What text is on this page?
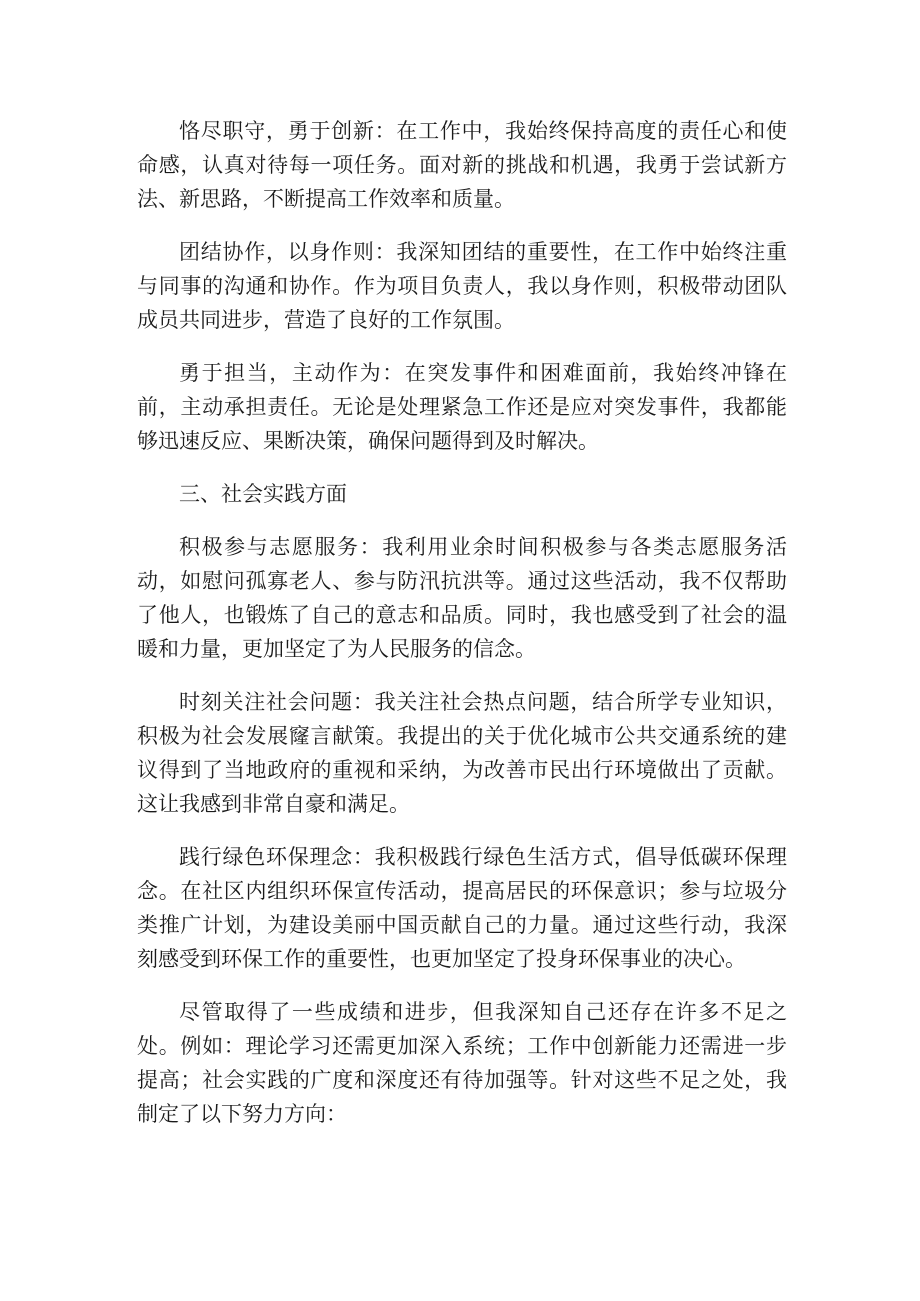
恪尽职守，勇于创新：在工作中，我始终保持高度的责任心和使命感，认真对待每一项任务。面对新的挑战和机遇，我勇于尝试新方法、新思路，不断提高工作效率和质量。

团结协作，以身作则：我深知团结的重要性，在工作中始终注重与同事的沟通和协作。作为项目负责人，我以身作则，积极带动团队成员共同进步，营造了良好的工作氛围。

勇于担当，主动作为：在突发事件和困难面前，我始终冲锋在前，主动承担责任。无论是处理紧急工作还是应对突发事件，我都能够迅速反应、果断决策，确保问题得到及时解决。

三、社会实践方面

积极参与志愿服务：我利用业余时间积极参与各类志愿服务活动，如慰问孤寡老人、参与防汛抗洪等。通过这些活动，我不仅帮助了他人，也锻炼了自己的意志和品质。同时，我也感受到了社会的温暖和力量，更加坚定了为人民服务的信念。

时刻关注社会问题：我关注社会热点问题，结合所学专业知识，积极为社会发展窿言献策。我提出的关于优化城市公共交通系统的建议得到了当地政府的重视和采纳，为改善市民出行环境做出了贡献。这让我感到非常自豪和满足。

践行绿色环保理念：我积极践行绿色生活方式，倡导低碳环保理念。在社区内组织环保宣传活动，提高居民的环保意识；参与垃圾分类推广计划，为建设美丽中国贡献自己的力量。通过这些行动，我深刻感受到环保工作的重要性，也更加坚定了投身环保事业的决心。

尽管取得了一些成绩和进步，但我深知自己还存在许多不足之处。例如：理论学习还需更加深入系统；工作中创新能力还需进一步提高；社会实践的广度和深度还有待加强等。针对这些不足之处，我制定了以下努力方向：
